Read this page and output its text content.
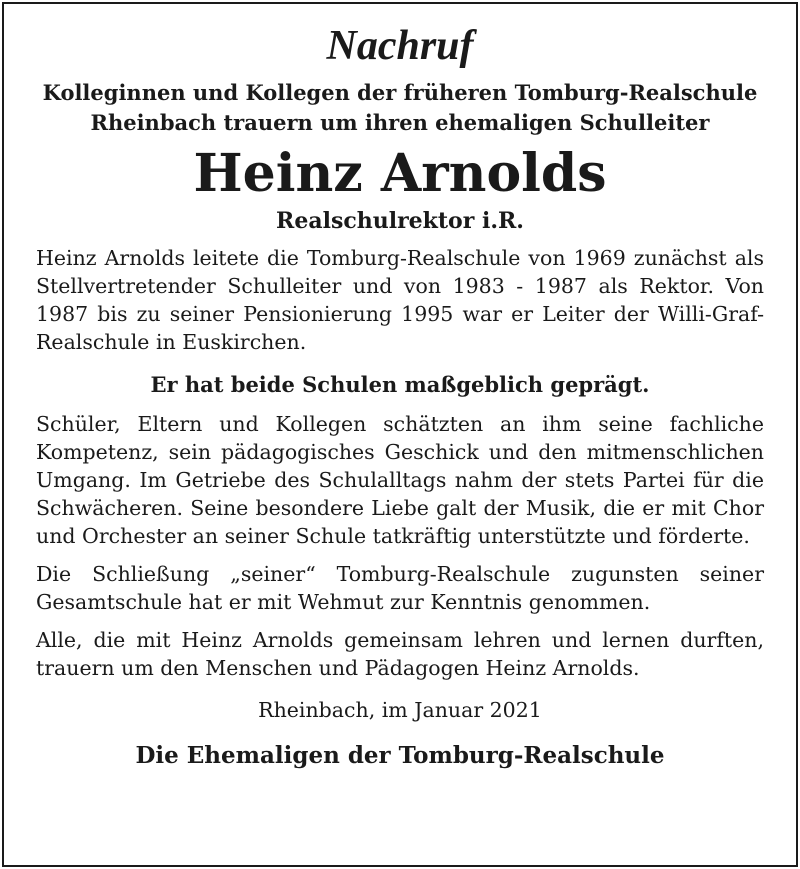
Nachruf
Kolleginnen und Kollegen der früheren Tomburg-Realschule
Rheinbach trauern um ihren ehemaligen Schulleiter
Heinz Arnolds
Realschulrektor i.R.

Heinz Arnolds leitete die Tomburg-Realschule von 1969 zunächst als Stellvertretender Schulleiter und von 1983 - 1987 als Rektor. Von 1987 bis zu seiner Pensionierung 1995 war er Leiter der Willi-Graf-Realschule in Euskirchen.

Er hat beide Schulen maßgeblich geprägt.

Schüler, Eltern und Kollegen schätzten an ihm seine fachliche Kompetenz, sein pädagogisches Geschick und den mitmenschlichen Umgang. Im Getriebe des Schulalltags nahm der stets Partei für die Schwächeren. Seine besondere Liebe galt der Musik, die er mit Chor und Orchester an seiner Schule tatkräftig unterstützte und förderte.

Die Schließung „seiner“ Tomburg-Realschule zugunsten seiner Gesamtschule hat er mit Wehmut zur Kenntnis genommen.

Alle, die mit Heinz Arnolds gemeinsam lehren und lernen durften, trauern um den Menschen und Pädagogen Heinz Arnolds.

Rheinbach, im Januar 2021
Die Ehemaligen der Tomburg-Realschule
